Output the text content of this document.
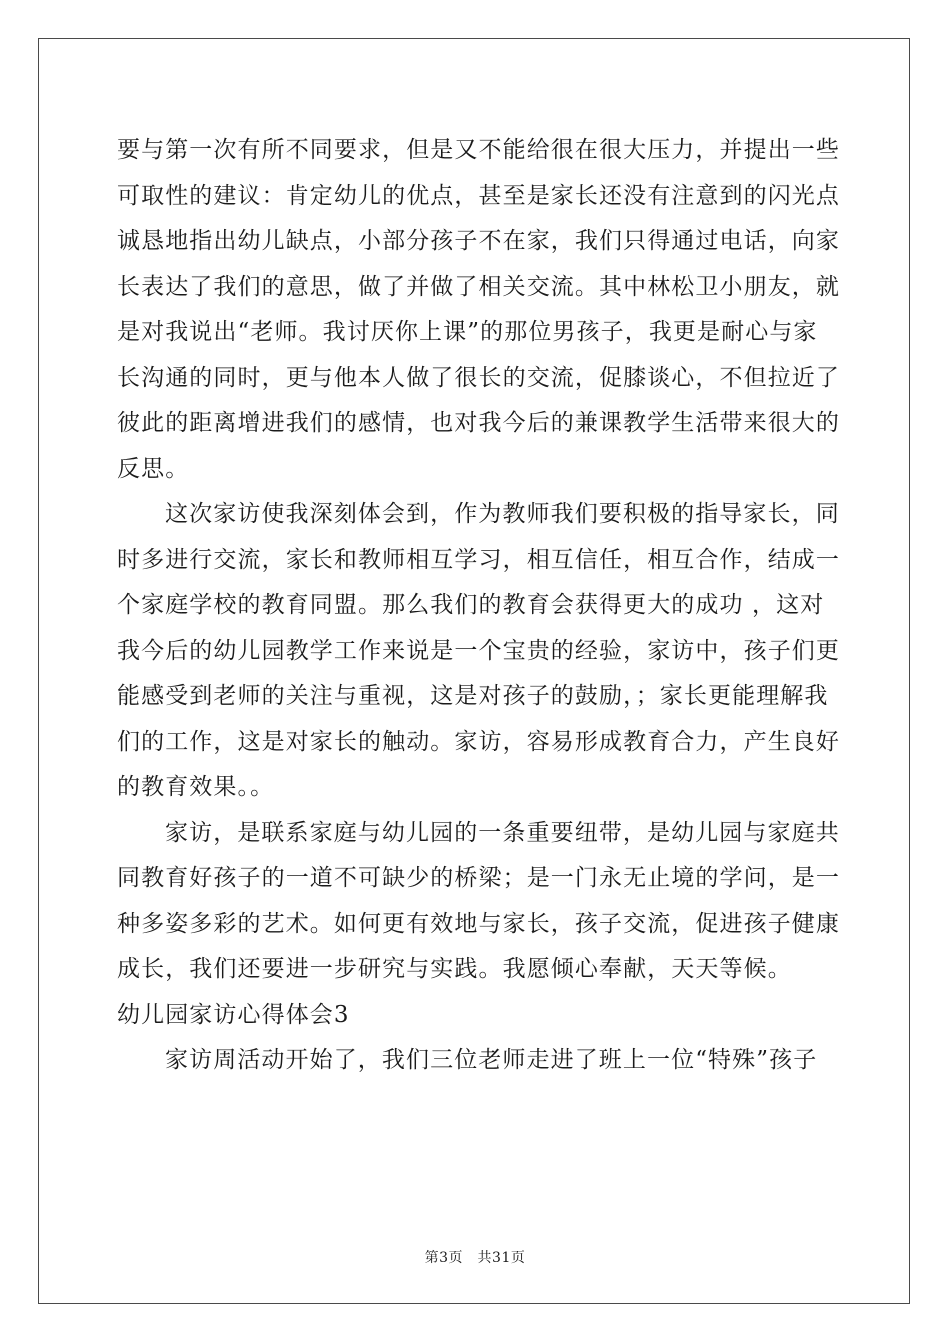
要与第一次有所不同要求，但是又不能给很在很大压力，并提出一些
可取性的建议：肯定幼儿的优点，甚至是家长还没有注意到的闪光点
诚恳地指出幼儿缺点，小部分孩子不在家，我们只得通过电话，向家
长表达了我们的意思，做了并做了相关交流。其中林松卫小朋友，就
是对我说出“老师。我讨厌你上课”的那位男孩子，我更是耐心与家
长沟通的同时，更与他本人做了很长的交流，促膝谈心，不但拉近了
彼此的距离增进我们的感情，也对我今后的兼课教学生活带来很大的
反思。
这次家访使我深刻体会到，作为教师我们要积极的指导家长，同
时多进行交流，家长和教师相互学习，相互信任，相互合作，结成一
个家庭学校的教育同盟。那么我们的教育会获得更大的成功 ，这对
我今后的幼儿园教学工作来说是一个宝贵的经验，家访中，孩子们更
能感受到老师的关注与重视，这是对孩子的鼓励，；家长更能理解我
们的工作，这是对家长的触动。家访，容易形成教育合力，产生良好
的教育效果。。
家访，是联系家庭与幼儿园的一条重要纽带，是幼儿园与家庭共
同教育好孩子的一道不可缺少的桥梁；是一门永无止境的学问，是一
种多姿多彩的艺术。如何更有效地与家长，孩子交流，促进孩子健康
成长，我们还要进一步研究与实践。我愿倾心奉献，天天等候。
幼儿园家访心得体会3
家访周活动开始了，我们三位老师走进了班上一位“特殊”孩子
第3页　共31页
